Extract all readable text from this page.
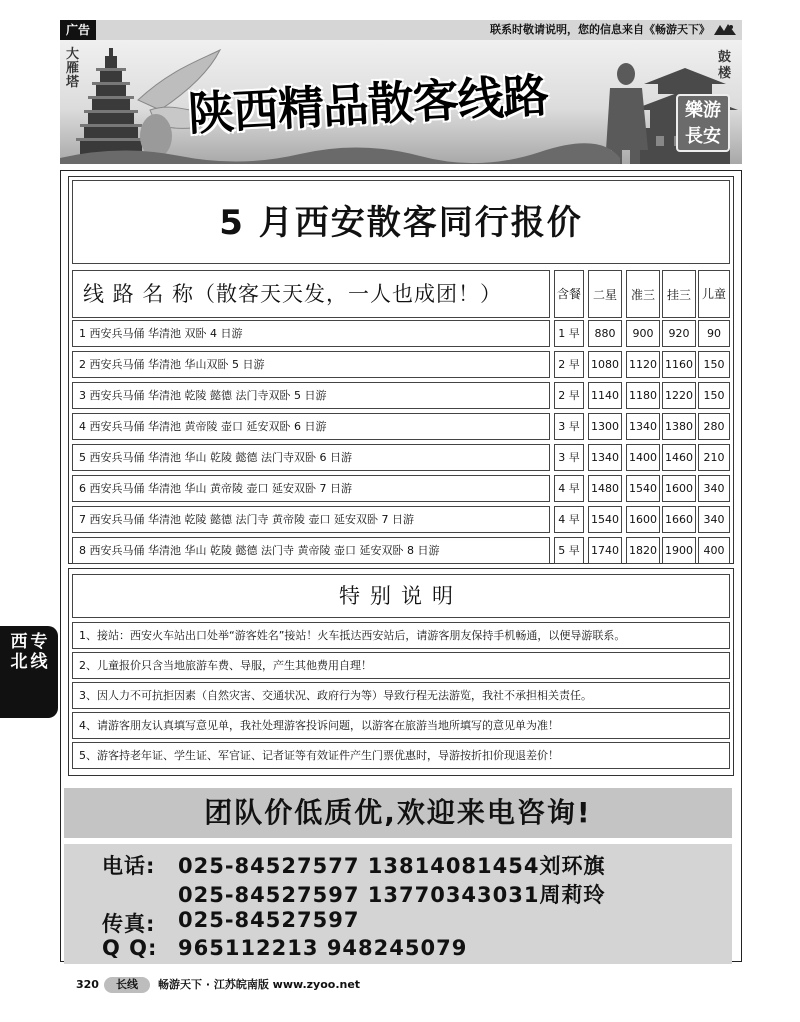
广告	联系时敬请说明，您的信息来自《畅游天下》
大雁塔
鼓楼
陕西精品散客线路	樂游長安
西北专线
5 月西安散客同行报价
线 路 名 称（散客天天发，一人也成团！）	含餐 二星	准三 挂三 儿童
1 西安兵马俑 华清池 双卧 4 日游	1 早	880	900	920	90
2 西安兵马俑 华清池 华山双卧 5 日游	2 早	1080 1120 1160 150
3 西安兵马俑 华清池 乾陵 懿德 法门寺双卧 5 日游	2 早	1140 1180 1220 150
4 西安兵马俑 华清池 黄帝陵 壶口 延安双卧 6 日游	3 早	1300 1340 1380 280
5 西安兵马俑 华清池 华山 乾陵 懿德 法门寺双卧 6 日游	3 早	1340 1400 1460 210
6 西安兵马俑 华清池 华山 黄帝陵 壶口 延安双卧 7 日游	4 早	1480 1540 1600 340
7 西安兵马俑 华清池 乾陵 懿德 法门寺 黄帝陵 壶口 延安双卧 7 日游	4 早	1540 1600 1660 340
8 西安兵马俑 华清池 华山 乾陵 懿德 法门寺 黄帝陵 壶口 延安双卧 8 日游	5 早	1740 1820 1900 400
特别说明
1、接站：西安火车站出口处举“游客姓名”接站！火车抵达西安站后，请游客朋友保持手机畅通，以便导游联系。
2、儿童报价只含当地旅游车费、导服，产生其他费用自理！
3、因人力不可抗拒因素（自然灾害、交通状况、政府行为等）导致行程无法游览，我社不承担相关责任。
4、请游客朋友认真填写意见单，我社处理游客投诉问题，以游客在旅游当地所填写的意见单为准！
5、游客持老年证、学生证、军官证、记者证等有效证件产生门票优惠时，导游按折扣价现退差价！
团队价低质优,欢迎来电咨询!
电话: 025-84527577 13814081454刘环旗
025-84527597 13770343031周莉玲
传真: 025-84527597
Q Q: 965112213 948245079
320	长线	畅游天下 · 江苏皖南版 www.zyoo.net
